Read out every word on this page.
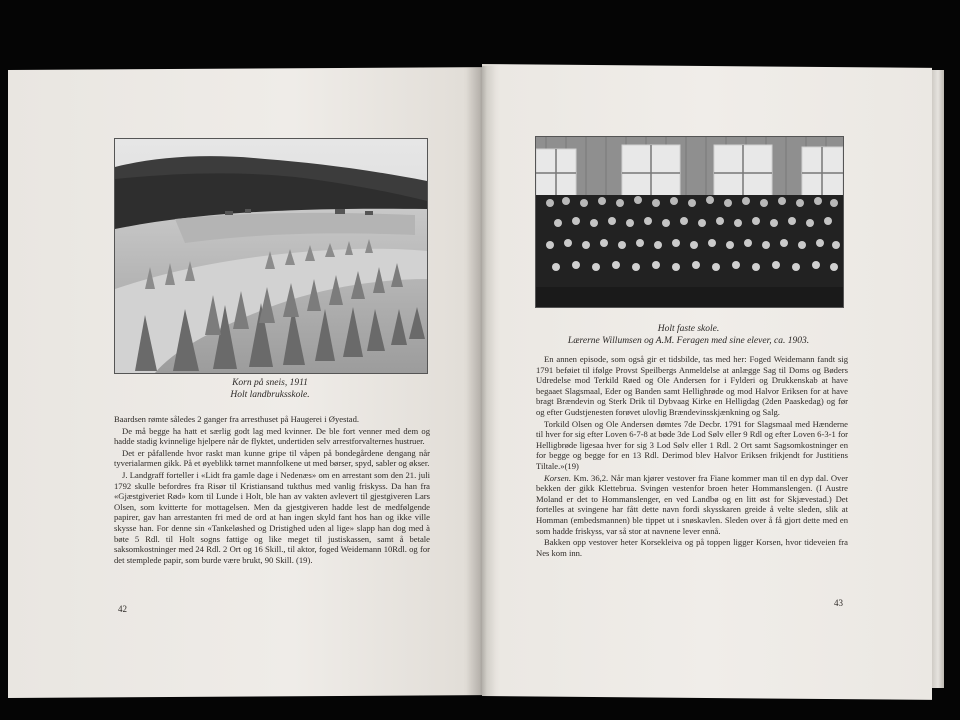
Korn på sneis, 1911
Holt landbruksskole.

Baardsen rømte således 2 ganger fra arresthuset på Haugerei i Øyestad.

De må begge ha hatt et særlig godt lag med kvinner. De ble fort venner med dem og hadde stadig kvinnelige hjelpere når de flyktet, undertiden selv arrestforvalternes hustruer.

Det er påfallende hvor raskt man kunne gripe til våpen på bondegårdene dengang når tyverialarmen gikk. På et øyeblikk tørnet mannfolkene ut med børser, spyd, sabler og økser.

J. Landgraff forteller i «Lidt fra gamle dage i Nedenæs» om en arrestant som den 21. juli 1792 skulle befordres fra Risør til Kristiansand tukthus med vanlig friskyss. Da han fra «Gjæstgiveriet Rød» kom til Lunde i Holt, ble han av vakten avlevert til gjestgiveren Lars Olsen, som kvitterte for mottagelsen. Men da gjestgiveren hadde lest de medfølgende papirer, gav han arrestanten fri med de ord at han ingen skyld fant hos han og ikke ville skysse han. For denne sin «Tankeløshed og Dristighed uden al lige» slapp han dog med à bøte 5 Rdl. til Holt sogns fattige og like meget til justiskassen, samt å betale saksomkostninger med 24 Rdl. 2 Ort og 16 Skill., til aktor, foged Weidemann 10Rdl. og for det stemplede papir, som burde være brukt, 90 Skill. (19).

42
Holt faste skole.
Lærerne Willumsen og A.M. Feragen med sine elever, ca. 1903.

En annen episode, som også gir et tidsbilde, tas med her: Foged Weidemann fandt sig 1791 beføiet til ifølge Provst Speilbergs Anmeldelse at anlægge Sag til Doms og Bøders Udredelse mod Terkild Røed og Ole Andersen for i Fylderi og Drukkenskab at have begaaet Slagsmaal, Eder og Banden samt Hellighrøde og mod Halvor Eriksen for at have bragt Brændevin og Sterk Drik til Dybvaag Kirke en Helligdag (2den Paaskedag) og før og efter Gudstjenesten forøvet ulovlig Brændevinsskjænkning og Salg.

Torkild Olsen og Ole Andersen dømtes 7de Decbr. 1791 for Slagsmaal med Hænderne til hver for sig efter Loven 6-7-8 at bøde 3de Lod Sølv eller 9 Rdl og efter Loven 6-3-1 for Helligbrøde ligesaa hver for sig 3 Lod Sølv eller 1 Rdl. 2 Ort samt Sagsomkostninger en for begge og begge for en 13 Rdl. Derimod blev Halvor Eriksen frikjendt for Justitiens Tiltale.»(19)

Korsen. Km. 36,2. Når man kjører vestover fra Fiane kommer man til en dyp dal. Over bekken der gikk Klettebrua. Svingen vestenfor broen heter Hommanslengen. (I Austre Moland er det to Hommanslenger, en ved Landbø og en litt øst for Skjævestad.) Det fortelles at svingene har fått dette navn fordi skysskaren greide å velte sleden, slik at Homman (embedsmannen) ble tippet ut i snøskavlen. Sleden over å få gjort dette med en som hadde friskyss, var så stor at navnene lever ennå.

Bakken opp vestover heter Korsekleiva og på toppen ligger Korsen, hvor tideveien fra Nes kom inn.

43
